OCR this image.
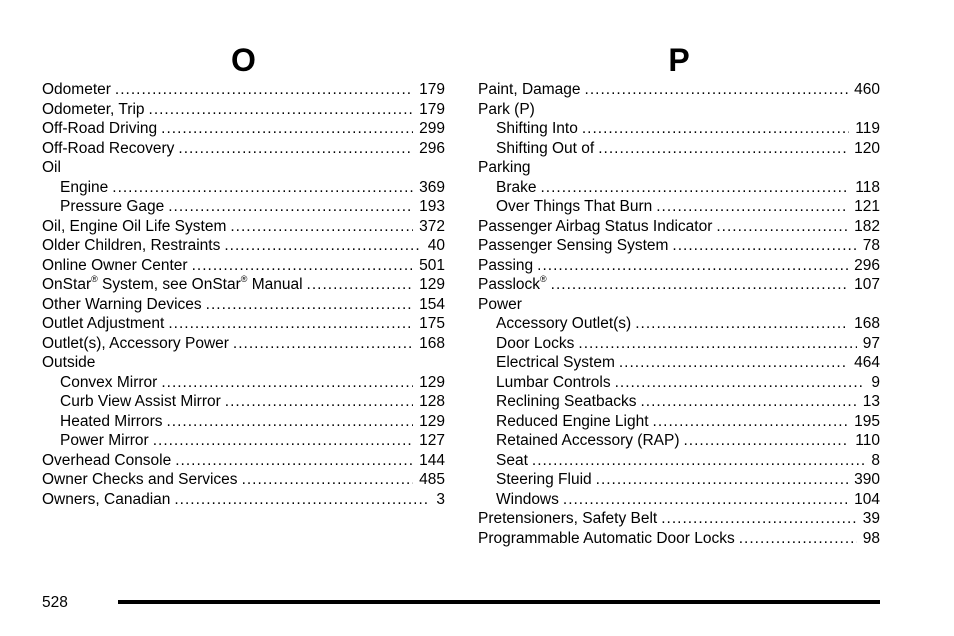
O
Odometer .....	179
Odometer, Trip .....	179
Off-Road Driving .....	299
Off-Road Recovery .....	296
Oil
Engine .....	369
Pressure Gage .....	193
Oil, Engine Oil Life System .....	372
Older Children, Restraints .....	40
Online Owner Center .....	501
OnStar® System, see OnStar® Manual .....	129
Other Warning Devices .....	154
Outlet Adjustment .....	175
Outlet(s), Accessory Power .....	168
Outside
Convex Mirror .....	129
Curb View Assist Mirror .....	128
Heated Mirrors .....	129
Power Mirror .....	127
Overhead Console .....	144
Owner Checks and Services .....	485
Owners, Canadian .....	3
P
Paint, Damage .....	460
Park (P)
Shifting Into .....	119
Shifting Out of .....	120
Parking
Brake .....	118
Over Things That Burn .....	121
Passenger Airbag Status Indicator .....	182
Passenger Sensing System .....	78
Passing .....	296
Passlock® .....	107
Power
Accessory Outlet(s) .....	168
Door Locks .....	97
Electrical System .....	464
Lumbar Controls .....	9
Reclining Seatbacks .....	13
Reduced Engine Light .....	195
Retained Accessory (RAP) .....	110
Seat .....	8
Steering Fluid .....	390
Windows .....	104
Pretensioners, Safety Belt .....	39
Programmable Automatic Door Locks .....	98
528
